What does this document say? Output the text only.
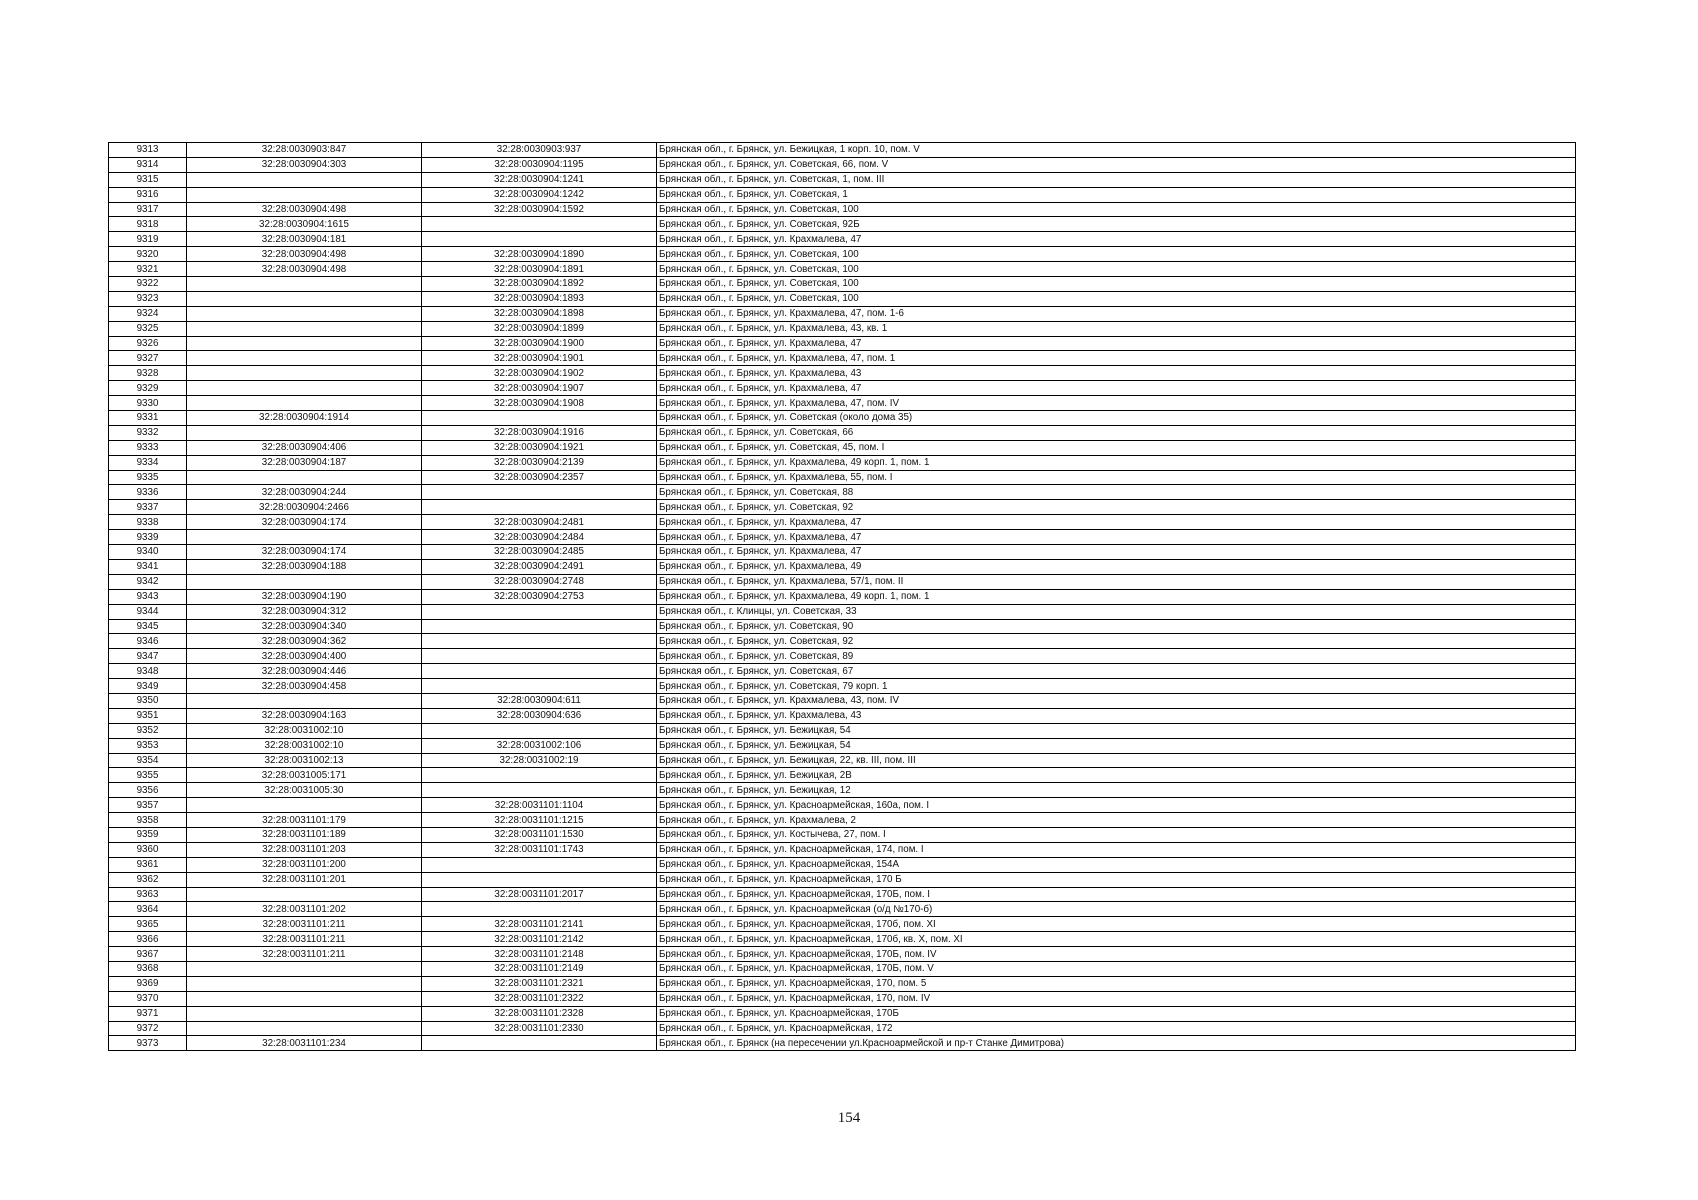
9313	32:28:0030903:847	32:28:0030903:937	Брянская обл., г. Брянск, ул. Бежицкая, 1 корп. 10, пом. V
9314	32:28:0030904:303	32:28:0030904:1195	Брянская обл., г. Брянск, ул. Советская, 66, пом. V
9315		32:28:0030904:1241	Брянская обл., г. Брянск, ул. Советская, 1, пом. III
9316		32:28:0030904:1242	Брянская обл., г. Брянск, ул. Советская, 1
9317	32:28:0030904:498	32:28:0030904:1592	Брянская обл., г. Брянск, ул. Советская, 100
9318	32:28:0030904:1615		Брянская обл., г. Брянск, ул. Советская, 92Б
9319	32:28:0030904:181		Брянская обл., г. Брянск, ул. Крахмалева, 47
9320	32:28:0030904:498	32:28:0030904:1890	Брянская обл., г. Брянск, ул. Советская, 100
9321	32:28:0030904:498	32:28:0030904:1891	Брянская обл., г. Брянск, ул. Советская, 100
9322		32:28:0030904:1892	Брянская обл., г. Брянск, ул. Советская, 100
9323		32:28:0030904:1893	Брянская обл., г. Брянск, ул. Советская, 100
9324		32:28:0030904:1898	Брянская обл., г. Брянск, ул. Крахмалева, 47, пом. 1-6
9325		32:28:0030904:1899	Брянская обл., г. Брянск, ул. Крахмалева, 43, кв. 1
9326		32:28:0030904:1900	Брянская обл., г. Брянск, ул. Крахмалева, 47
9327		32:28:0030904:1901	Брянская обл., г. Брянск, ул. Крахмалева, 47, пом. 1
9328		32:28:0030904:1902	Брянская обл., г. Брянск, ул. Крахмалева, 43
9329		32:28:0030904:1907	Брянская обл., г. Брянск, ул. Крахмалева, 47
9330		32:28:0030904:1908	Брянская обл., г. Брянск, ул. Крахмалева, 47, пом. IV
9331	32:28:0030904:1914		Брянская обл., г. Брянск, ул. Советская (около дома 35)
9332		32:28:0030904:1916	Брянская обл., г. Брянск, ул. Советская, 66
9333	32:28:0030904:406	32:28:0030904:1921	Брянская обл., г. Брянск, ул. Советская, 45, пом. I
9334	32:28:0030904:187	32:28:0030904:2139	Брянская обл., г. Брянск, ул. Крахмалева, 49 корп. 1, пом. 1
9335		32:28:0030904:2357	Брянская обл., г. Брянск, ул. Крахмалева, 55, пом. I
9336	32:28:0030904:244		Брянская обл., г. Брянск, ул. Советская, 88
9337	32:28:0030904:2466		Брянская обл., г. Брянск, ул. Советская, 92
9338	32:28:0030904:174	32:28:0030904:2481	Брянская обл., г. Брянск, ул. Крахмалева, 47
9339		32:28:0030904:2484	Брянская обл., г. Брянск, ул. Крахмалева, 47
9340	32:28:0030904:174	32:28:0030904:2485	Брянская обл., г. Брянск, ул. Крахмалева, 47
9341	32:28:0030904:188	32:28:0030904:2491	Брянская обл., г. Брянск, ул. Крахмалева, 49
9342		32:28:0030904:2748	Брянская обл., г. Брянск, ул. Крахмалева, 57/1, пом. II
9343	32:28:0030904:190	32:28:0030904:2753	Брянская обл., г. Брянск, ул. Крахмалева, 49 корп. 1, пом. 1
9344	32:28:0030904:312		Брянская обл., г. Клинцы, ул. Советская, 33
9345	32:28:0030904:340		Брянская обл., г. Брянск, ул. Советская, 90
9346	32:28:0030904:362		Брянская обл., г. Брянск, ул. Советская, 92
9347	32:28:0030904:400		Брянская обл., г. Брянск, ул. Советская, 89
9348	32:28:0030904:446		Брянская обл., г. Брянск, ул. Советская, 67
9349	32:28:0030904:458		Брянская обл., г. Брянск, ул. Советская, 79 корп. 1
9350		32:28:0030904:611	Брянская обл., г. Брянск, ул. Крахмалева, 43, пом. IV
9351	32:28:0030904:163	32:28:0030904:636	Брянская обл., г. Брянск, ул. Крахмалева, 43
9352	32:28:0031002:10		Брянская обл., г. Брянск, ул. Бежицкая, 54
9353	32:28:0031002:10	32:28:0031002:106	Брянская обл., г. Брянск, ул. Бежицкая, 54
9354	32:28:0031002:13	32:28:0031002:19	Брянская обл., г. Брянск, ул. Бежицкая, 22, кв. III, пом. III
9355	32:28:0031005:171		Брянская обл., г. Брянск, ул. Бежицкая, 2В
9356	32:28:0031005:30		Брянская обл., г. Брянск, ул. Бежицкая, 12
9357		32:28:0031101:1104	Брянская обл., г. Брянск, ул. Красноармейская, 160а, пом. I
9358	32:28:0031101:179	32:28:0031101:1215	Брянская обл., г. Брянск, ул. Крахмалева, 2
9359	32:28:0031101:189	32:28:0031101:1530	Брянская обл., г. Брянск, ул. Костычева, 27, пом. I
9360	32:28:0031101:203	32:28:0031101:1743	Брянская обл., г. Брянск, ул. Красноармейская, 174, пом. I
9361	32:28:0031101:200		Брянская обл., г. Брянск, ул. Красноармейская, 154А
9362	32:28:0031101:201		Брянская обл., г. Брянск, ул. Красноармейская, 170 Б
9363		32:28:0031101:2017	Брянская обл., г. Брянск, ул. Красноармейская, 170Б, пом. I
9364	32:28:0031101:202		Брянская обл., г. Брянск, ул. Красноармейская (о/д №170-б)
9365	32:28:0031101:211	32:28:0031101:2141	Брянская обл., г. Брянск, ул. Красноармейская, 170б, пом. XI
9366	32:28:0031101:211	32:28:0031101:2142	Брянская обл., г. Брянск, ул. Красноармейская, 170б, кв. X, пом. XI
9367	32:28:0031101:211	32:28:0031101:2148	Брянская обл., г. Брянск, ул. Красноармейская, 170Б, пом. IV
9368		32:28:0031101:2149	Брянская обл., г. Брянск, ул. Красноармейская, 170Б, пом. V
9369		32:28:0031101:2321	Брянская обл., г. Брянск, ул. Красноармейская, 170, пом. 5
9370		32:28:0031101:2322	Брянская обл., г. Брянск, ул. Красноармейская, 170, пом. IV
9371		32:28:0031101:2328	Брянская обл., г. Брянск, ул. Красноармейская, 170Б
9372		32:28:0031101:2330	Брянская обл., г. Брянск, ул. Красноармейская, 172
9373	32:28:0031101:234		Брянская обл., г. Брянск (на пересечении ул.Красноармейской и пр-т Станке Димитрова)
154
